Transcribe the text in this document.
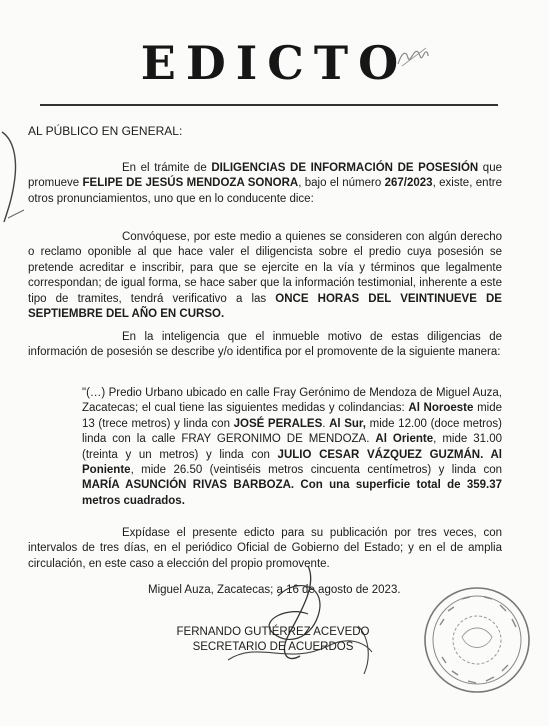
EDICTO
AL PÚBLICO EN GENERAL:
En el trámite de DILIGENCIAS DE INFORMACIÓN DE POSESIÓN que promueve FELIPE DE JESÚS MENDOZA SONORA, bajo el número 267/2023, existe, entre otros pronunciamientos, uno que en lo conducente dice:
Convóquese, por este medio a quienes se consideren con algún derecho o reclamo oponible al que hace valer el diligencista sobre el predio cuya posesión se pretende acreditar e inscribir, para que se ejercite en la vía y términos que legalmente correspondan; de igual forma, se hace saber que la información testimonial, inherente a este tipo de tramites, tendrá verificativo a las ONCE HORAS DEL VEINTINUEVE DE SEPTIEMBRE DEL AÑO EN CURSO.
En la inteligencia que el inmueble motivo de estas diligencias de información de posesión se describe y/o identifica por el promovente de la siguiente manera:
"(…) Predio Urbano ubicado en calle Fray Gerónimo de Mendoza de Miguel Auza, Zacatecas; el cual tiene las siguientes medidas y colindancias: Al Noroeste mide 13 (trece metros) y linda con JOSÉ PERALES. Al Sur, mide 12.00 (doce metros) linda con la calle FRAY GERONIMO DE MENDOZA. Al Oriente, mide 31.00 (treinta y un metros) y linda con JULIO CESAR VÁZQUEZ GUZMÁN. Al Poniente, mide 26.50 (veintiséis metros cincuenta centímetros) y linda con MARÍA ASUNCIÓN RIVAS BARBOZA. Con una superficie total de 359.37 metros cuadrados.
Expídase el presente edicto para su publicación por tres veces, con intervalos de tres días, en el periódico Oficial de Gobierno del Estado; y en el de amplia circulación, en este caso a elección del propio promovente.
Miguel Auza, Zacatecas; a 16 de agosto de 2023.
FERNANDO GUTIÉRREZ ACEVEDO
SECRETARIO DE ACUERDOS
